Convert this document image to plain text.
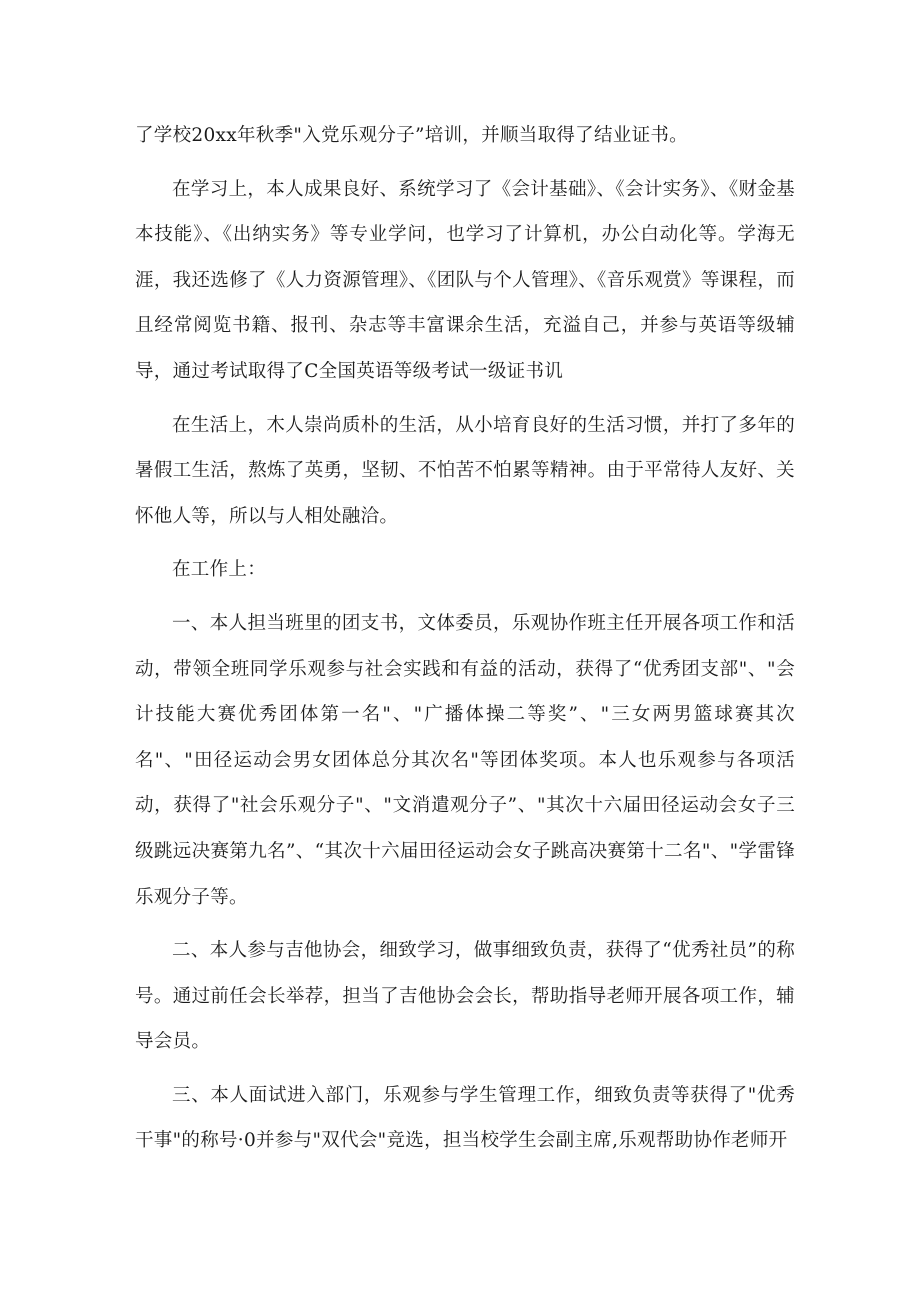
了学校20xx年秋季"入党乐观分子”培训，并顺当取得了结业证书。

在学习上，本人成果良好、系统学习了《会计基础》、《会计实务》、《财金基本技能》、《出纳实务》等专业学问，也学习了计算机，办公白动化等。学海无涯，我还选修了《人力资源管理》、《团队与个人管理》、《音乐观赏》等课程，而且经常阅览书籍、报刊、杂志等丰富课余生活，充溢自己，并参与英语等级辅导，通过考试取得了C全国英语等级考试一级证书讥

在生活上，木人崇尚质朴的生活，从小培育良好的生活习惯，并打了多年的暑假工生活，熬炼了英勇，坚韧、不怕苦不怕累等精神。由于平常待人友好、关怀他人等，所以与人相处融洽。

在工作上：

一、本人担当班里的团支书，文体委员，乐观协作班主任开展各项工作和活动，带领全班同学乐观参与社会实践和有益的活动，获得了“优秀团支部"、"会计技能大赛优秀团体第一名"、"广播体操二等奖”、"三女两男篮球赛其次名"、"田径运动会男女团体总分其次名"等团体奖项。本人也乐观参与各项活动，获得了"社会乐观分子"、"文消遣观分子”、"其次十六届田径运动会女子三级跳远决赛第九名”、“其次十六届田径运动会女子跳高决赛第十二名"、"学雷锋乐观分子等。

二、本人参与吉他协会，细致学习，做事细致负责，获得了“优秀社员”的称号。通过前任会长举荐，担当了吉他协会会长，帮助指导老师开展各项工作，辅导会员。

三、本人面试进入部门，乐观参与学生管理工作，细致负责等获得了"优秀干事"的称号·0并参与"双代会"竞选，担当校学生会副主席,乐观帮助协作老师开
